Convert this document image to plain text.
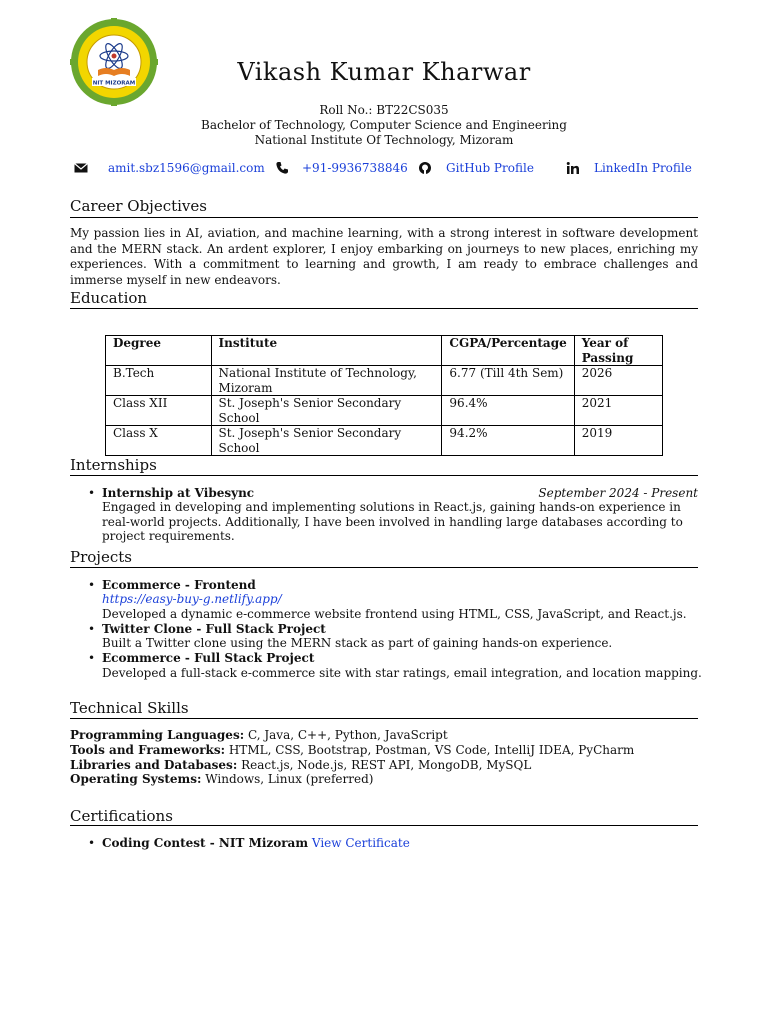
NIT MIZORAM	Vikash Kumar Kharwar
Roll No.: BT22CS035
Bachelor of Technology, Computer Science and Engineering
National Institute Of Technology, Mizoram
amit.sbz1596@gmail.com	+91-9936738846	GitHub Profile	LinkedIn Profile
Career Objectives
My passion lies in AI, aviation, and machine learning, with a strong interest in software development and the MERN stack. An ardent explorer, I enjoy embarking on journeys to new places, enriching my experiences. With a commitment to learning and growth, I am ready to embrace challenges and immerse myself in new endeavors.
Education
Degree	Institute	CGPA/Percentage	Year of Passing
B.Tech	National Institute of Technology, Mizoram	6.77 (Till 4th Sem)	2026
Class XII	St. Joseph's Senior Secondary School	96.4%	2021
Class X	St. Joseph's Senior Secondary School	94.2%	2019
Internships
• Internship at Vibesync	September 2024 - Present
Engaged in developing and implementing solutions in React.js, gaining hands-on experience in real-world projects. Additionally, I have been involved in handling large databases according to project requirements.
Projects
• Ecommerce - Frontend
https://easy-buy-g.netlify.app/
Developed a dynamic e-commerce website frontend using HTML, CSS, JavaScript, and React.js.
• Twitter Clone - Full Stack Project
Built a Twitter clone using the MERN stack as part of gaining hands-on experience.
• Ecommerce - Full Stack Project
Developed a full-stack e-commerce site with star ratings, email integration, and location mapping.
Technical Skills
Programming Languages: C, Java, C++, Python, JavaScript
Tools and Frameworks: HTML, CSS, Bootstrap, Postman, VS Code, IntelliJ IDEA, PyCharm
Libraries and Databases: React.js, Node.js, REST API, MongoDB, MySQL
Operating Systems: Windows, Linux (preferred)
Certifications
• Coding Contest - NIT Mizoram View Certificate
